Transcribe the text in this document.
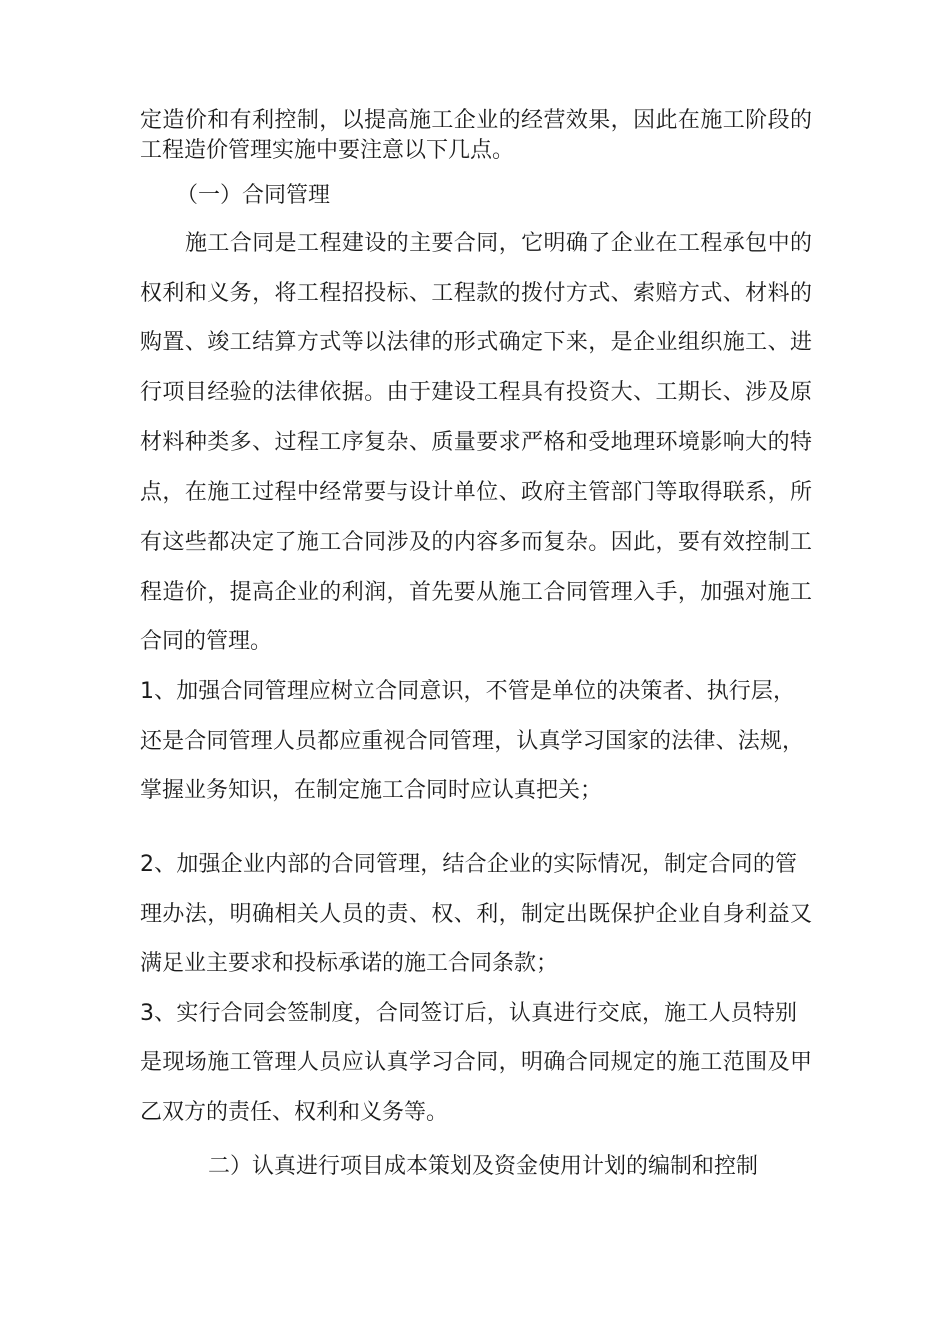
定造价和有利控制，以提高施工企业的经营效果，因此在施工阶段的
工程造价管理实施中要注意以下几点。
（一）合同管理
施工合同是工程建设的主要合同，它明确了企业在工程承包中的
权利和义务，将工程招投标、工程款的拨付方式、索赔方式、材料的
购置、竣工结算方式等以法律的形式确定下来，是企业组织施工、进
行项目经验的法律依据。由于建设工程具有投资大、工期长、涉及原
材料种类多、过程工序复杂、质量要求严格和受地理环境影响大的特
点，在施工过程中经常要与设计单位、政府主管部门等取得联系，所
有这些都决定了施工合同涉及的内容多而复杂。因此，要有效控制工
程造价，提高企业的利润，首先要从施工合同管理入手，加强对施工
合同的管理。
1、加强合同管理应树立合同意识，不管是单位的决策者、执行层，
还是合同管理人员都应重视合同管理，认真学习国家的法律、法规，
掌握业务知识，在制定施工合同时应认真把关；
2、加强企业内部的合同管理，结合企业的实际情况，制定合同的管
理办法，明确相关人员的责、权、利，制定出既保护企业自身利益又
满足业主要求和投标承诺的施工合同条款；
3、实行合同会签制度，合同签订后，认真进行交底，施工人员特别
是现场施工管理人员应认真学习合同，明确合同规定的施工范围及甲
乙双方的责任、权利和义务等。
二）认真进行项目成本策划及资金使用计划的编制和控制
